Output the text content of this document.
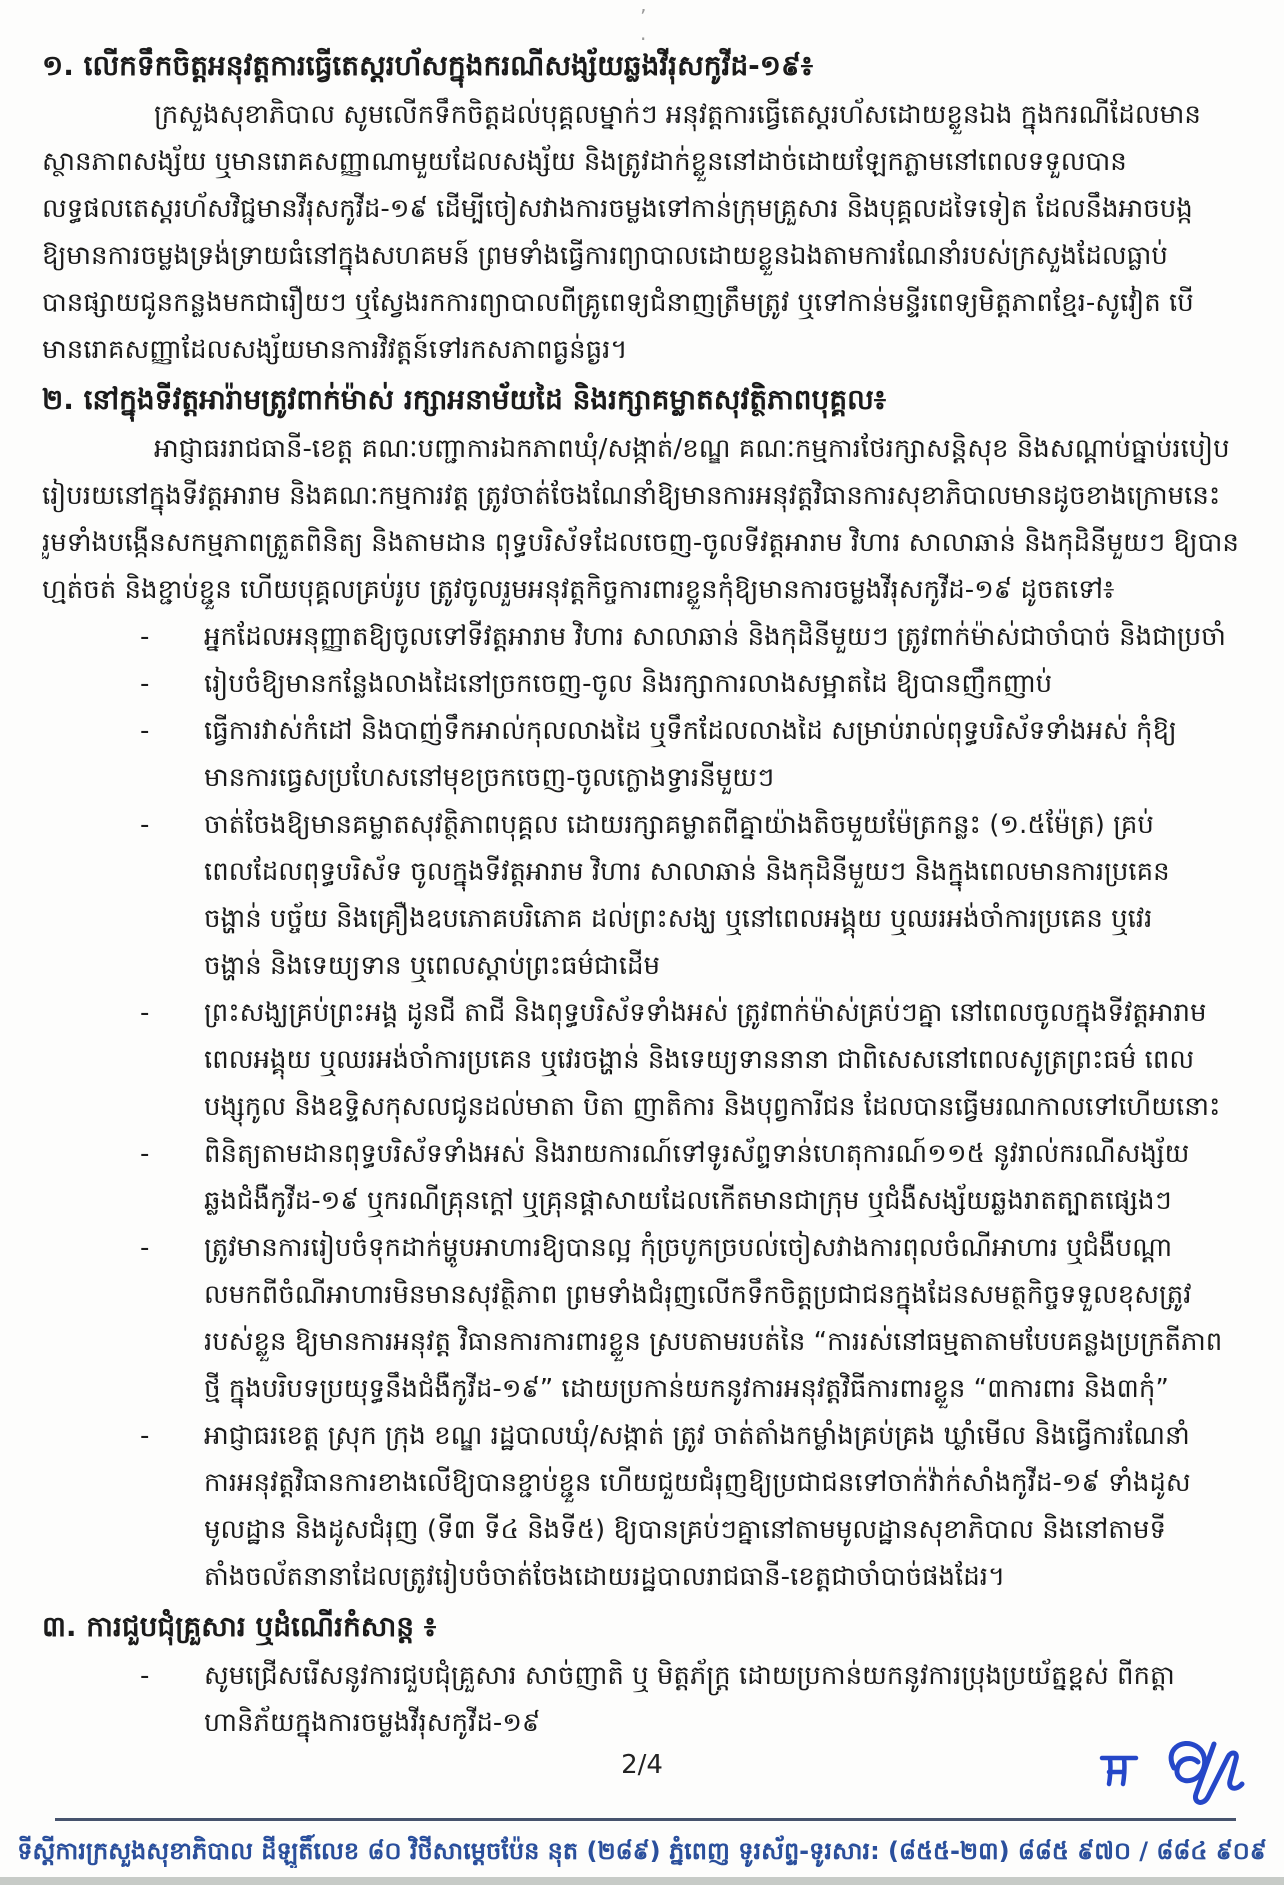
’
·
១. លើកទឹកចិត្តអនុវត្តការធ្វើតេស្តរហ័សក្នុងករណីសង្ស័យឆ្លងវីរុសកូវីដ-១៩៖
ក្រសួងសុខាភិបាល សូមលើកទឹកចិត្តដល់បុគ្គលម្នាក់ៗ អនុវត្តការធ្វើតេស្តរហ័សដោយខ្លួនឯង ក្នុងករណីដែលមាន
ស្ថានភាពសង្ស័យ ឬមានរោគសញ្ញាណាមួយដែលសង្ស័យ និងត្រូវដាក់ខ្លួននៅដាច់ដោយឡែកភ្លាមនៅពេលទទួលបាន
លទ្ធផលតេស្តរហ័សវិជ្ជមានវីរុសកូវីដ-១៩ ដើម្បីចៀសវាងការចម្លងទៅកាន់ក្រុមគ្រួសារ និងបុគ្គលដទៃទៀត ដែលនឹងអាចបង្ក
ឱ្យមានការចម្លងទ្រង់ទ្រាយធំនៅក្នុងសហគមន៍ ព្រមទាំងធ្វើការព្យាបាលដោយខ្លួនឯងតាមការណែនាំរបស់ក្រសួងដែលធ្លាប់
បានផ្សាយជូនកន្លងមកជារឿយៗ ឬស្វែងរកការព្យាបាលពីគ្រូពេទ្យជំនាញត្រឹមត្រូវ ឬទៅកាន់មន្ទីរពេទ្យមិត្តភាពខ្មែរ-សូវៀត បើ
មានរោគសញ្ញាដែលសង្ស័យមានការវិវត្តន៍ទៅរកសភាពធ្ងន់ធ្ងរ។
២. នៅក្នុងទីវត្តអារ៉ាមត្រូវពាក់ម៉ាស់ រក្សាអនាម័យដៃ និងរក្សាគម្លាតសុវត្ថិភាពបុគ្គល៖
អាជ្ញាធររាជធានី-ខេត្ត គណៈបញ្ជាការឯកភាពឃុំ/សង្កាត់/ខណ្ឌ គណៈកម្មការថែរក្សាសន្តិសុខ និងសណ្តាប់ធ្នាប់របៀប
រៀបរយនៅក្នុងទីវត្តអារាម និងគណៈកម្មការវត្ត ត្រូវចាត់ចែងណែនាំឱ្យមានការអនុវត្តវិធានការសុខាភិបាលមានដូចខាងក្រោមនេះ
រួមទាំងបង្កើនសកម្មភាពត្រួតពិនិត្យ និងតាមដាន ពុទ្ធបរិស័ទដែលចេញ-ចូលទីវត្តអារាម វិហារ សាលាឆាន់ និងកុដិនីមួយៗ ឱ្យបាន
ហ្មត់ចត់ និងខ្ជាប់ខ្ជួន ហើយបុគ្គលគ្រប់រូប ត្រូវចូលរួមអនុវត្តកិច្ចការពារខ្លួនកុំឱ្យមានការចម្លងវីរុសកូវីដ-១៩ ដូចតទៅ៖
-	អ្នកដែលអនុញ្ញាតឱ្យចូលទៅទីវត្តអារាម វិហារ សាលាឆាន់ និងកុដិនីមួយៗ ត្រូវពាក់ម៉ាស់ជាចាំបាច់ និងជាប្រចាំ
-	រៀបចំឱ្យមានកន្លែងលាងដៃនៅច្រកចេញ-ចូល និងរក្សាការលាងសម្អាតដៃ ឱ្យបានញឹកញាប់
-	ធ្វើការវាស់កំដៅ និងបាញ់ទឹកអាល់កុលលាងដៃ ឬទឹកដែលលាងដៃ សម្រាប់រាល់ពុទ្ធបរិស័ទទាំងអស់ កុំឱ្យ
មានការធ្វេសប្រហែសនៅមុខច្រកចេញ-ចូលក្លោងទ្វារនីមួយៗ
-	ចាត់ចែងឱ្យមានគម្លាតសុវត្ថិភាពបុគ្គល ដោយរក្សាគម្លាតពីគ្នាយ៉ាងតិចមួយម៉ែត្រកន្លះ (១.៥ម៉ែត្រ) គ្រប់
ពេលដែលពុទ្ធបរិស័ទ ចូលក្នុងទីវត្តអារាម វិហារ សាលាឆាន់ និងកុដិនីមួយៗ និងក្នុងពេលមានការប្រគេន
ចង្ហាន់ បច្ច័យ និងគ្រឿងឧបភោគបរិភោគ ដល់ព្រះសង្ឃ ឬនៅពេលអង្គុយ ឬឈរអង់ចាំការប្រគេន ឬវេរ
ចង្ហាន់ និងទេយ្យទាន ឬពេលស្តាប់ព្រះធម៌ជាដើម
-	ព្រះសង្ឃគ្រប់ព្រះអង្គ ដូនជី តាជី និងពុទ្ធបរិស័ទទាំងអស់ ត្រូវពាក់ម៉ាស់គ្រប់ៗគ្នា នៅពេលចូលក្នុងទីវត្តអារាម
ពេលអង្គុយ ឬឈរអង់ចាំការប្រគេន ឬវេរចង្ហាន់ និងទេយ្យទាននានា ជាពិសេសនៅពេលសូត្រព្រះធម៌ ពេល
បង្សុកូល និងឧទ្ទិសកុសលជូនដល់មាតា បិតា ញាតិការ និងបុព្វការីជន ដែលបានធ្វើមរណកាលទៅហើយនោះ
-	ពិនិត្យតាមដានពុទ្ធបរិស័ទទាំងអស់ និងរាយការណ៍ទៅទូរស័ព្ទទាន់ហេតុការណ៍១១៥ នូវរាល់ករណីសង្ស័យ
ឆ្លងជំងឺកូវីដ-១៩ ឬករណីគ្រុនក្តៅ ឬគ្រុនផ្តាសាយដែលកើតមានជាក្រុម ឬជំងឺសង្ស័យឆ្លងរាតត្បាតផ្សេងៗ
-	ត្រូវមានការរៀបចំទុកដាក់ម្ហូបអាហារឱ្យបានល្អ កុំច្របូកច្របល់ចៀសវាងការពុលចំណីអាហារ ឬជំងឺបណ្តា
លមកពីចំណីអាហារមិនមានសុវត្ថិភាព ព្រមទាំងជំរុញលើកទឹកចិត្តប្រជាជនក្នុងដែនសមត្ថកិច្ចទទួលខុសត្រូវ
របស់ខ្លួន ឱ្យមានការអនុវត្ត វិធានការការពារខ្លួន ស្របតាមរបត់នៃ “ការរស់នៅធម្មតាតាមបែបគន្លងប្រក្រតីភាព
ថ្មី ក្នុងបរិបទប្រយុទ្ធនឹងជំងឺកូវីដ-១៩” ដោយប្រកាន់យកនូវការអនុវត្តវិធីការពារខ្លួន “៣ការពារ និង៣កុំ”
-	អាជ្ញាធរខេត្ត ស្រុក ក្រុង ខណ្ឌ រដ្ឋបាលឃុំ/សង្កាត់ ត្រូវ ចាត់តាំងកម្លាំងគ្រប់គ្រង ឃ្លាំមើល និងធ្វើការណែនាំ
ការអនុវត្តវិធានការខាងលើឱ្យបានខ្ជាប់ខ្ជួន ហើយជួយជំរុញឱ្យប្រជាជនទៅចាក់វ៉ាក់សាំងកូវីដ-១៩ ទាំងដូស
មូលដ្ឋាន និងដូសជំរុញ (ទី៣ ទី៤ និងទី៥) ឱ្យបានគ្រប់ៗគ្នានៅតាមមូលដ្ឋានសុខាភិបាល និងនៅតាមទី
តាំងចល័តនានាដែលត្រូវរៀបចំចាត់ចែងដោយរដ្ឋបាលរាជធានី-ខេត្តជាចាំបាច់ផងដែរ។
៣. ការជួបជុំគ្រួសារ ឬដំណើរកំសាន្ត ៖
-	សូមជ្រើសរើសនូវការជួបជុំគ្រួសារ សាច់ញាតិ ឬ មិត្តភ័ក្រ្ត ដោយប្រកាន់យកនូវការប្រុងប្រយ័ត្នខ្ពស់ ពីកត្តា
ហានិភ័យក្នុងការចម្លងវីរុសកូវីដ-១៩
2/4
ទីស្តីការក្រសួងសុខាភិបាល ដីឡូតិ៍លេខ ៨០ វិថីសាម្តេចប៉ែន នុត (២៨៩) ភ្នំពេញ ទូរស័ព្ទ-ទូរសារ: (៨៥៥-២៣) ៨៨៥ ៩៧០ / ៨៨៤ ៩០៩
